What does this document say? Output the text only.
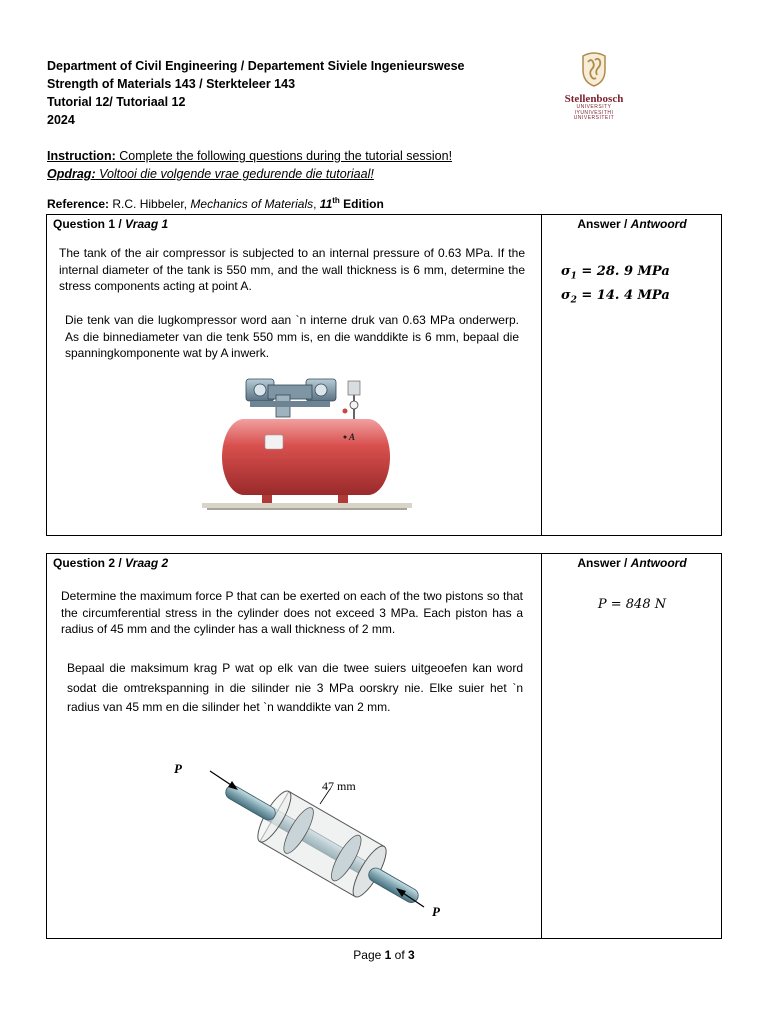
Department of Civil Engineering / Departement Siviele Ingenieurswese
Strength of Materials 143 / Sterkteleer 143
Tutorial 12/ Tutoriaal 12
2024
Stellenbosch
UNIVERSITY
IYUNIVESITHI
UNIVERSITEIT
Instruction: Complete the following questions during the tutorial session!
Opdrag: Voltooi die volgende vrae gedurende die tutoriaal!
Reference: R.C. Hibbeler, Mechanics of Materials, 11th Edition
Question 1 / Vraag 1	Answer / Antwoord
The tank of the air compressor is subjected to an internal pressure of 0.63 MPa. If the internal diameter of the tank is 550 mm, and the wall thickness is 6 mm, determine the stress components acting at point A.
Die tenk van die lugkompressor word aan `n interne druk van 0.63 MPa onderwerp. As die binnediameter van die tenk 550 mm is, en die wanddikte is 6 mm, bepaal die spanningkomponente wat by A inwerk.
$\sigma_1 = 28$. 9 MPa
$\sigma_2 = 14$. 4 MPa
A
Question 2 / Vraag 2	Answer / Antwoord
Determine the maximum force P that can be exerted on each of the two pistons so that the circumferential stress in the cylinder does not exceed 3 MPa. Each piston has a radius of 45 mm and the cylinder has a wall thickness of 2 mm.
Bepaal die maksimum krag P wat op elk van die twee suiers uitgeoefen kan word sodat die omtrekspanning in die silinder nie 3 MPa oorskry nie. Elke suier het `n radius van 45 mm en die silinder het `n wanddikte van 2 mm.
P = 848 N
P
P
47 mm
Page 1 of 3
